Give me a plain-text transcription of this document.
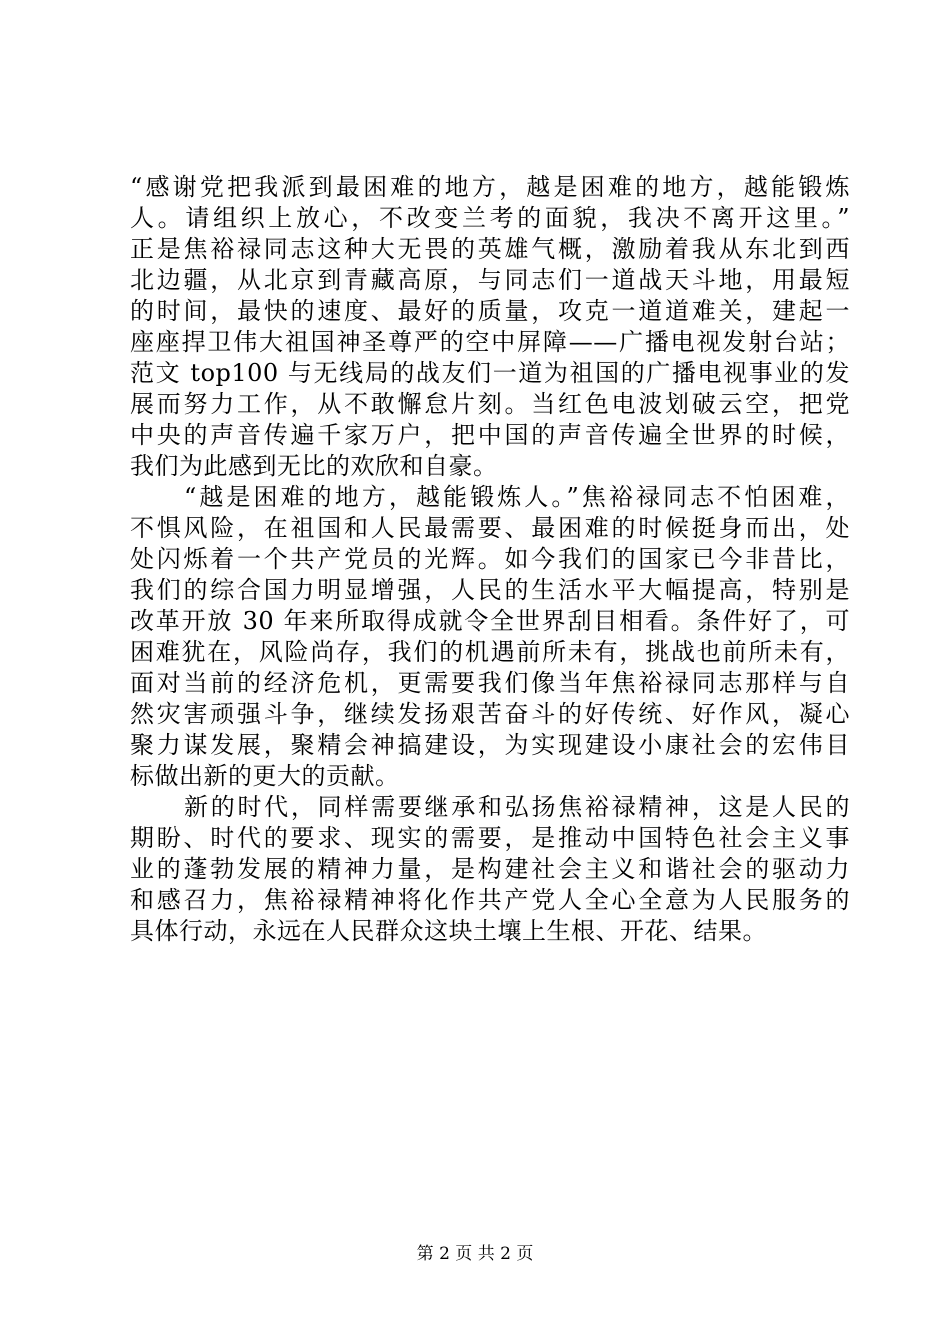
“感谢党把我派到最困难的地方，越是困难的地方，越能锻炼
人。请组织上放心，不改变兰考的面貌，我决不离开这里。”
正是焦裕禄同志这种大无畏的英雄气概，激励着我从东北到西
北边疆，从北京到青藏高原，与同志们一道战天斗地，用最短
的时间，最快的速度、最好的质量，攻克一道道难关，建起一
座座捍卫伟大祖国神圣尊严的空中屏障——广播电视发射台站；
范文 top100 与无线局的战友们一道为祖国的广播电视事业的发
展而努力工作，从不敢懈怠片刻。当红色电波划破云空，把党
中央的声音传遍千家万户，把中国的声音传遍全世界的时候，
我们为此感到无比的欢欣和自豪。
“越是困难的地方，越能锻炼人。”焦裕禄同志不怕困难，
不惧风险，在祖国和人民最需要、最困难的时候挺身而出，处
处闪烁着一个共产党员的光辉。如今我们的国家已今非昔比，
我们的综合国力明显增强，人民的生活水平大幅提高，特别是
改革开放 30 年来所取得成就令全世界刮目相看。条件好了，可
困难犹在，风险尚存，我们的机遇前所未有，挑战也前所未有，
面对当前的经济危机，更需要我们像当年焦裕禄同志那样与自
然灾害顽强斗争，继续发扬艰苦奋斗的好传统、好作风，凝心
聚力谋发展，聚精会神搞建设，为实现建设小康社会的宏伟目
标做出新的更大的贡献。
新的时代，同样需要继承和弘扬焦裕禄精神，这是人民的
期盼、时代的要求、现实的需要，是推动中国特色社会主义事
业的蓬勃发展的精神力量，是构建社会主义和谐社会的驱动力
和感召力，焦裕禄精神将化作共产党人全心全意为人民服务的
具体行动，永远在人民群众这块土壤上生根、开花、结果。
第 2 页 共 2 页
